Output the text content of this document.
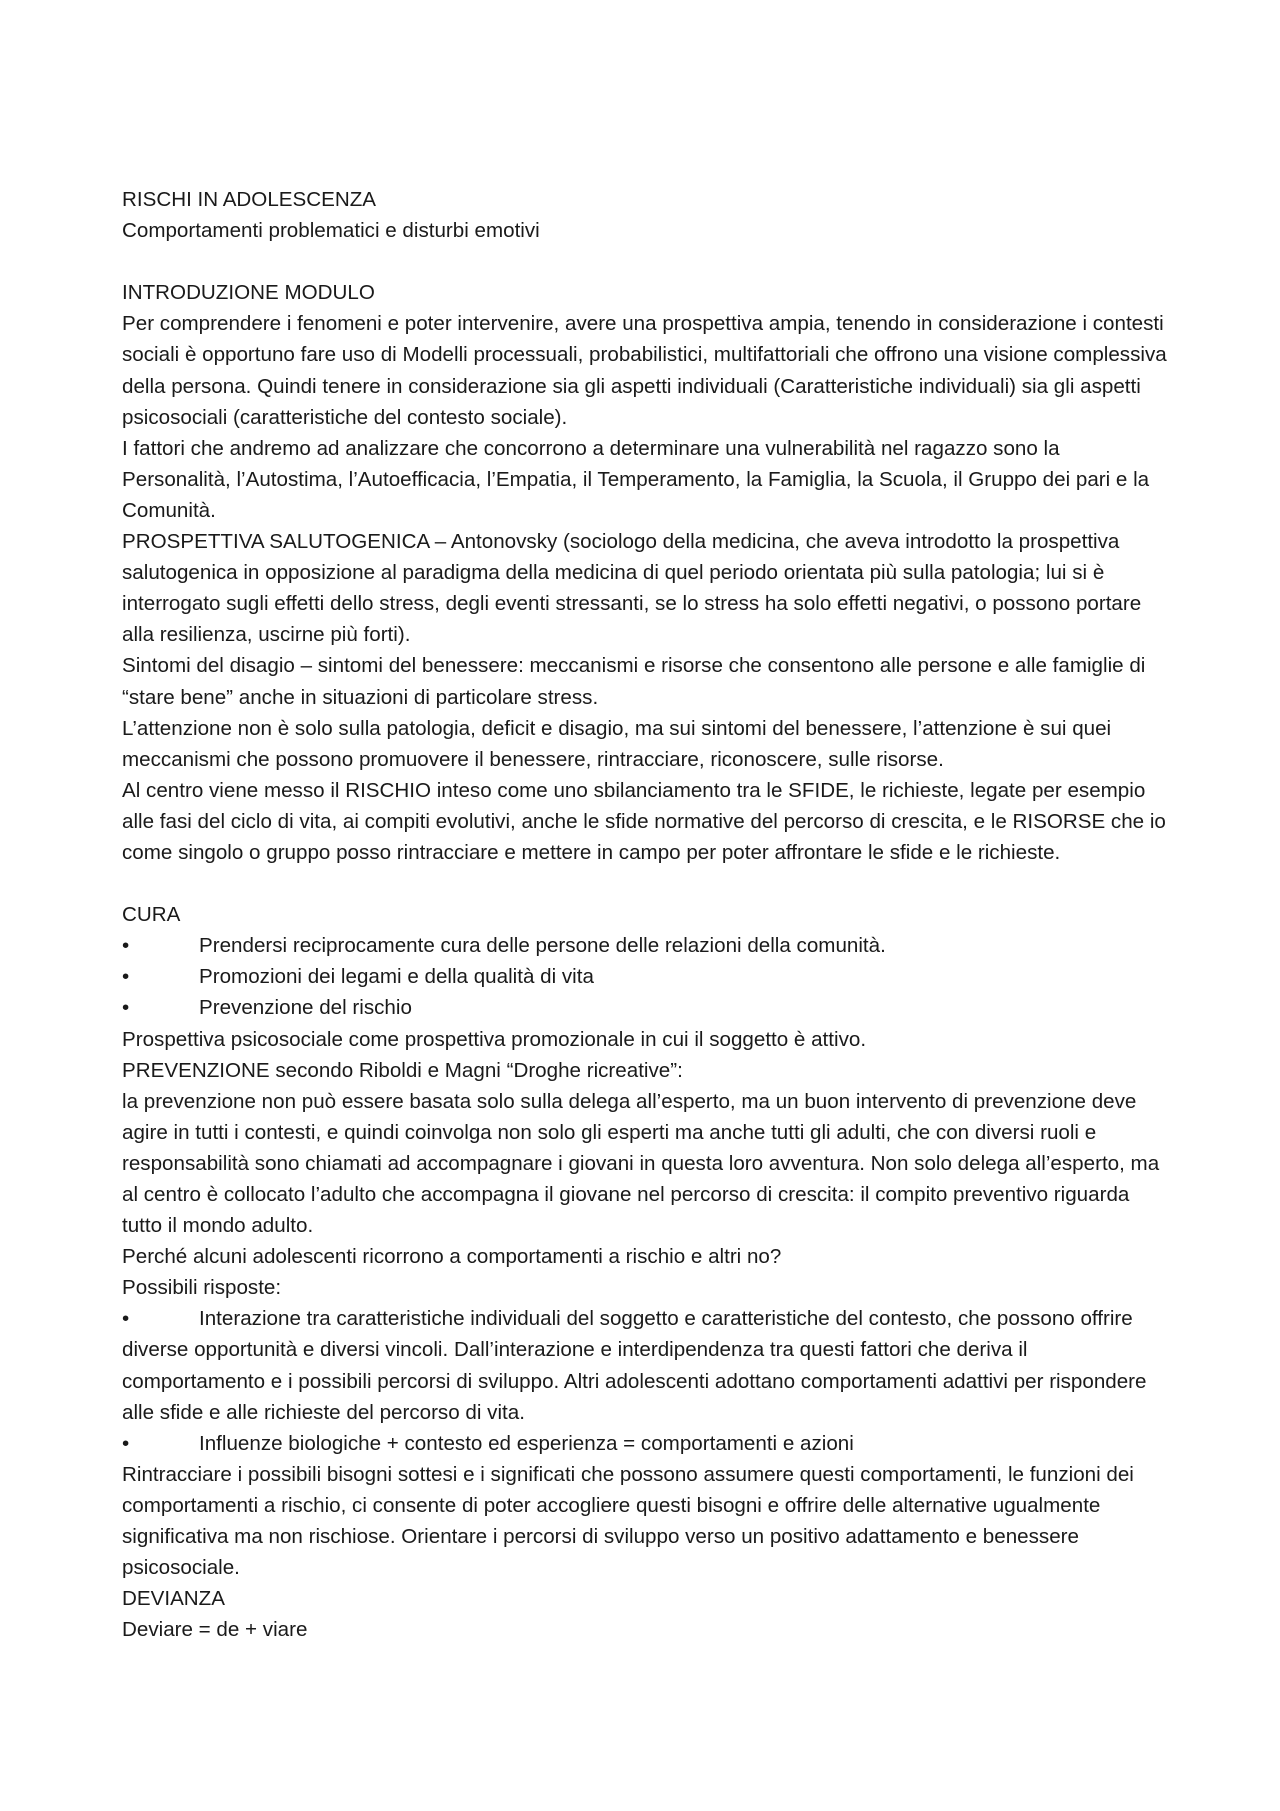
RISCHI IN ADOLESCENZA

Comportamenti problematici e disturbi emotivi

INTRODUZIONE MODULO

Per comprendere i fenomeni e poter intervenire, avere una prospettiva ampia, tenendo in considerazione i contesti sociali è opportuno fare uso di Modelli processuali, probabilistici, multifattoriali che offrono una visione complessiva della persona. Quindi tenere in considerazione sia gli aspetti individuali (Caratteristiche individuali) sia gli aspetti psicosociali (caratteristiche del contesto sociale).

I fattori che andremo ad analizzare che concorrono a determinare una vulnerabilità nel ragazzo sono la Personalità, l’Autostima, l’Autoefficacia, l’Empatia, il Temperamento, la Famiglia, la Scuola, il Gruppo dei pari e la Comunità.

PROSPETTIVA SALUTOGENICA – Antonovsky (sociologo della medicina, che aveva introdotto la prospettiva salutogenica in opposizione al paradigma della medicina di quel periodo orientata più sulla patologia; lui si è interrogato sugli effetti dello stress, degli eventi stressanti, se lo stress ha solo effetti negativi, o possono portare alla resilienza, uscirne più forti).

Sintomi del disagio – sintomi del benessere: meccanismi e risorse che consentono alle persone e alle famiglie di “stare bene” anche in situazioni di particolare stress.

L’attenzione non è solo sulla patologia, deficit e disagio, ma sui sintomi del benessere, l’attenzione è sui quei meccanismi che possono promuovere il benessere, rintracciare, riconoscere, sulle risorse.

Al centro viene messo il RISCHIO inteso come uno sbilanciamento tra le SFIDE, le richieste, legate per esempio alle fasi del ciclo di vita, ai compiti evolutivi, anche le sfide normative del percorso di crescita, e le RISORSE che io come singolo o gruppo posso rintracciare e mettere in campo per poter affrontare le sfide e le richieste.

CURA

•	Prendersi reciprocamente cura delle persone delle relazioni della comunità.
•	Promozioni dei legami e della qualità di vita
•	Prevenzione del rischio

Prospettiva psicosociale come prospettiva promozionale in cui il soggetto è attivo.

PREVENZIONE secondo Riboldi e Magni “Droghe ricreative”:

la prevenzione non può essere basata solo sulla delega all’esperto, ma un buon intervento di prevenzione deve agire in tutti i contesti, e quindi coinvolga non solo gli esperti ma anche tutti gli adulti, che con diversi ruoli e responsabilità sono chiamati ad accompagnare i giovani in questa loro avventura. Non solo delega all’esperto, ma al centro è collocato l’adulto che accompagna il giovane nel percorso di crescita: il compito preventivo riguarda tutto il mondo adulto.

Perché alcuni adolescenti ricorrono a comportamenti a rischio e altri no?

Possibili risposte:

•	Interazione tra caratteristiche individuali del soggetto e caratteristiche del contesto, che possono offrire diverse opportunità e diversi vincoli. Dall’interazione e interdipendenza tra questi fattori che deriva il comportamento e i possibili percorsi di sviluppo. Altri adolescenti adottano comportamenti adattivi per rispondere alle sfide e alle richieste del percorso di vita.

•	Influenze biologiche + contesto ed esperienza = comportamenti e azioni

Rintracciare i possibili bisogni sottesi e i significati che possono assumere questi comportamenti, le funzioni dei comportamenti a rischio, ci consente di poter accogliere questi bisogni e offrire delle alternative ugualmente significativa ma non rischiose. Orientare i percorsi di sviluppo verso un positivo adattamento e benessere psicosociale.

DEVIANZA

Deviare = de + viare
